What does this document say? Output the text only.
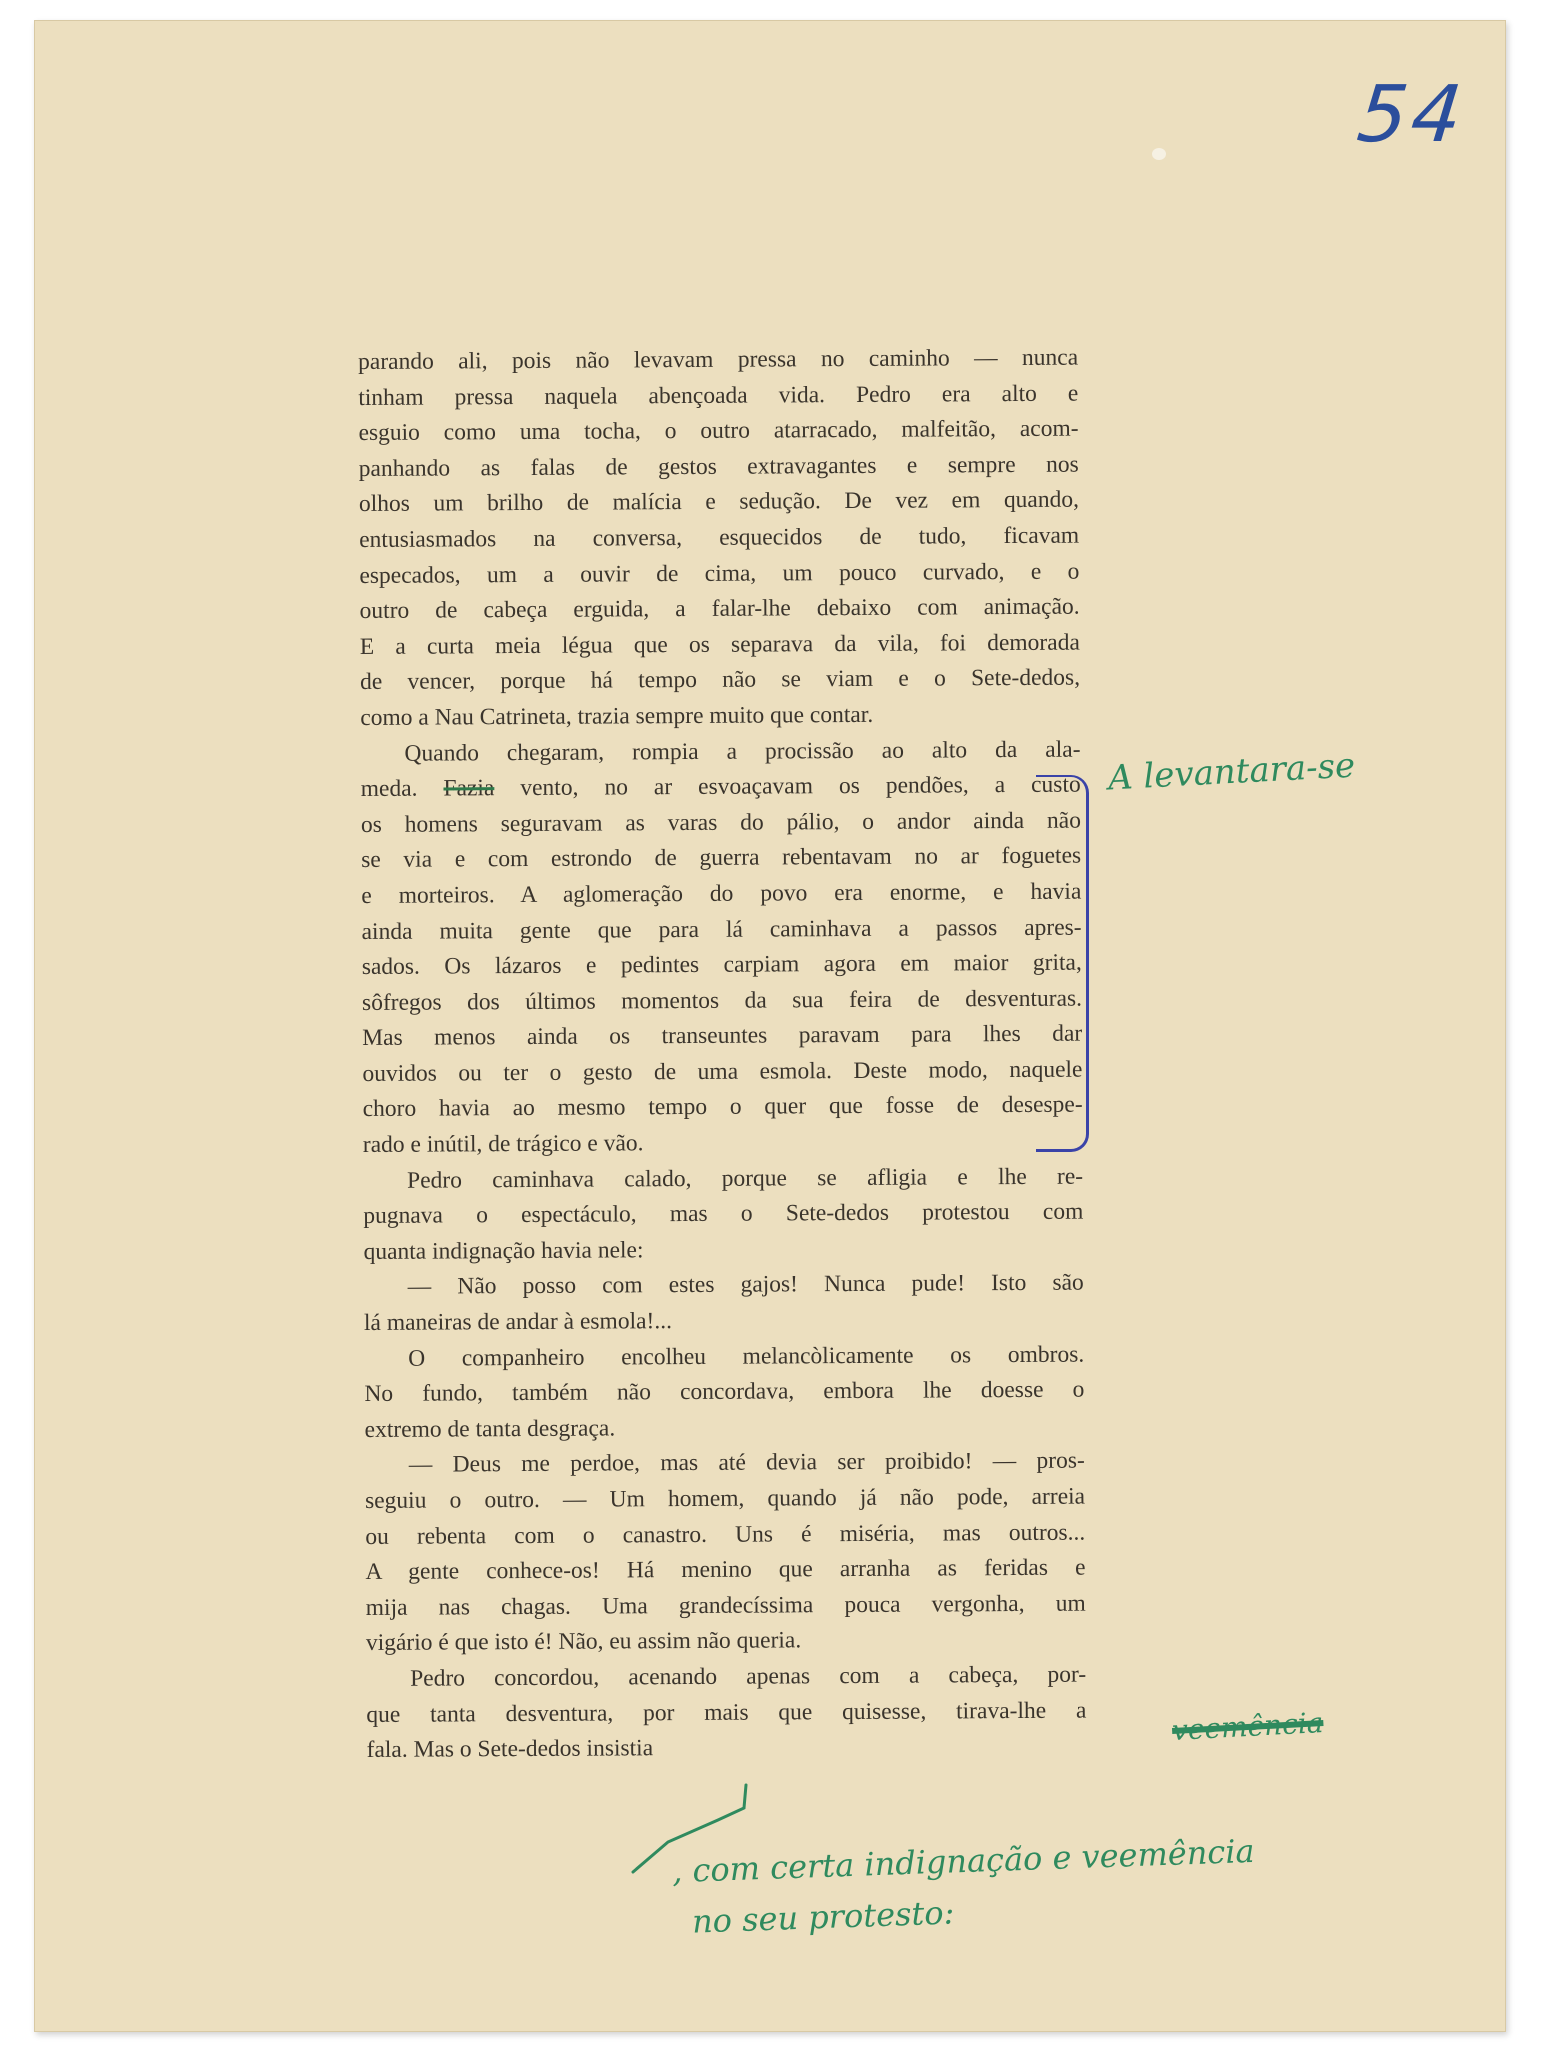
54
parando ali, pois não levavam pressa no caminho — nunca
tinham pressa naquela abençoada vida. Pedro era alto e
esguio como uma tocha, o outro atarracado, malfeitão, acom-
panhando as falas de gestos extravagantes e sempre nos
olhos um brilho de malícia e sedução. De vez em quando,
entusiasmados na conversa, esquecidos de tudo, ficavam
especados, um a ouvir de cima, um pouco curvado, e o
outro de cabeça erguida, a falar-lhe debaixo com animação.
E a curta meia légua que os separava da vila, foi demorada
de vencer, porque há tempo não se viam e o Sete-dedos,
como a Nau Catrineta, trazia sempre muito que contar.
Quando chegaram, rompia a procissão ao alto da ala-
meda. Fazia vento, no ar esvoaçavam os pendões, a custo
os homens seguravam as varas do pálio, o andor ainda não
se via e com estrondo de guerra rebentavam no ar foguetes
e morteiros. A aglomeração do povo era enorme, e havia
ainda muita gente que para lá caminhava a passos apres-
sados. Os lázaros e pedintes carpiam agora em maior grita,
sôfregos dos últimos momentos da sua feira de desventuras.
Mas menos ainda os transeuntes paravam para lhes dar
ouvidos ou ter o gesto de uma esmola. Deste modo, naquele
choro havia ao mesmo tempo o quer que fosse de desespe-
rado e inútil, de trágico e vão.
Pedro caminhava calado, porque se afligia e lhe re-
pugnava o espectáculo, mas o Sete-dedos protestou com
quanta indignação havia nele:
— Não posso com estes gajos! Nunca pude! Isto são
lá maneiras de andar à esmola!...
O companheiro encolheu melancòlicamente os ombros.
No fundo, também não concordava, embora lhe doesse o
extremo de tanta desgraça.
— Deus me perdoe, mas até devia ser proibido! — pros-
seguiu o outro. — Um homem, quando já não pode, arreia
ou rebenta com o canastro. Uns é miséria, mas outros...
A gente conhece-os! Há menino que arranha as feridas e
mija nas chagas. Uma grandecíssima pouca vergonha, um
vigário é que isto é! Não, eu assim não queria.
Pedro concordou, acenando apenas com a cabeça, por-
que tanta desventura, por mais que quisesse, tirava-lhe a
fala. Mas o Sete-dedos insistia
A levantara-se
veemência
, com certa indignação e veemência
no seu protesto:
